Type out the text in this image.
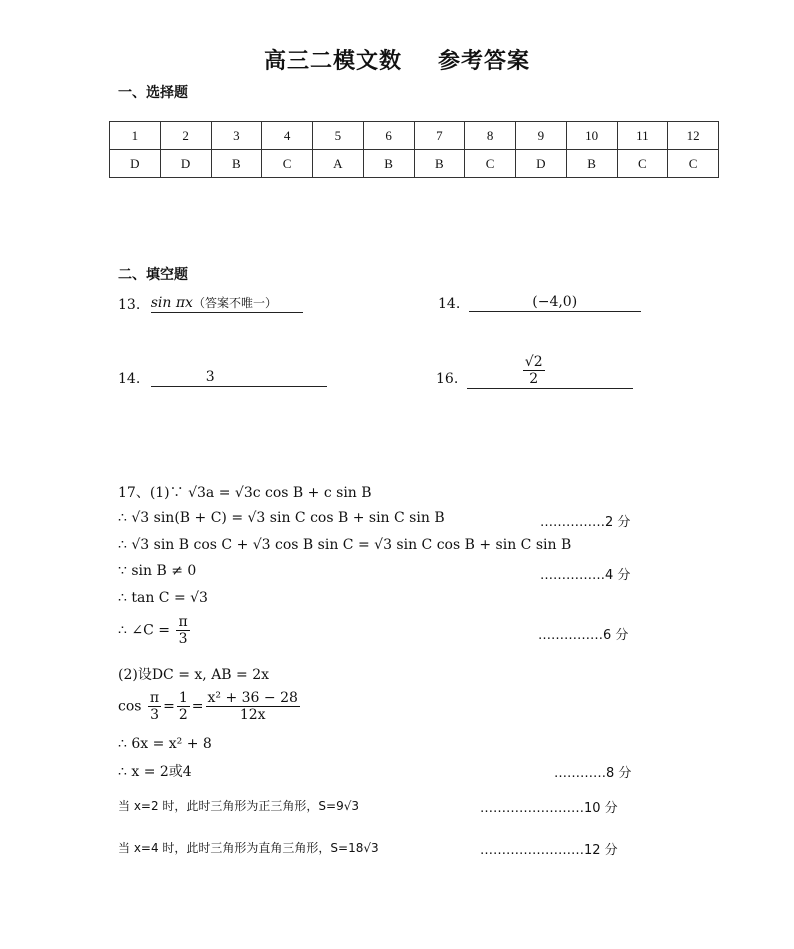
高三二模文数 参考答案
一、选择题
1	2	3	4	5	6	7	8	9	10	11	12
D	D	B	C	A	B	B	C	D	B	C	C
二、填空题
13. sin πx（答案不唯一）	14.	(−4,0)
14.	3	16.	$\frac{√2}{2}$
17、(1)∵ √3a = √3c cos B + c sin B
∴ √3 sin(B + C) = √3 sin C cos B + sin C sin B	……………2 分
∴ √3 sin B cos C + √3 cos B sin C = √3 sin C cos B + sin C sin B
∵ sin B ≠ 0	……………4 分
∴ tan C = √3
∴ ∠C = $\frac{\pi}{3}$	……………6 分
(2)设DC = x, AB = 2x
$\cos \frac{\pi}{3} = \frac{1}{2} = \frac{\text{x² + 36 − 28}}{12x}$
∴ 6x = x² + 8
∴ x = 2或4	…………8 分
当 x=2 时，此时三角形为正三角形，S=9√3	……………………10 分
当 x=4 时，此时三角形为直角三角形，S=18√3	……………………12 分
